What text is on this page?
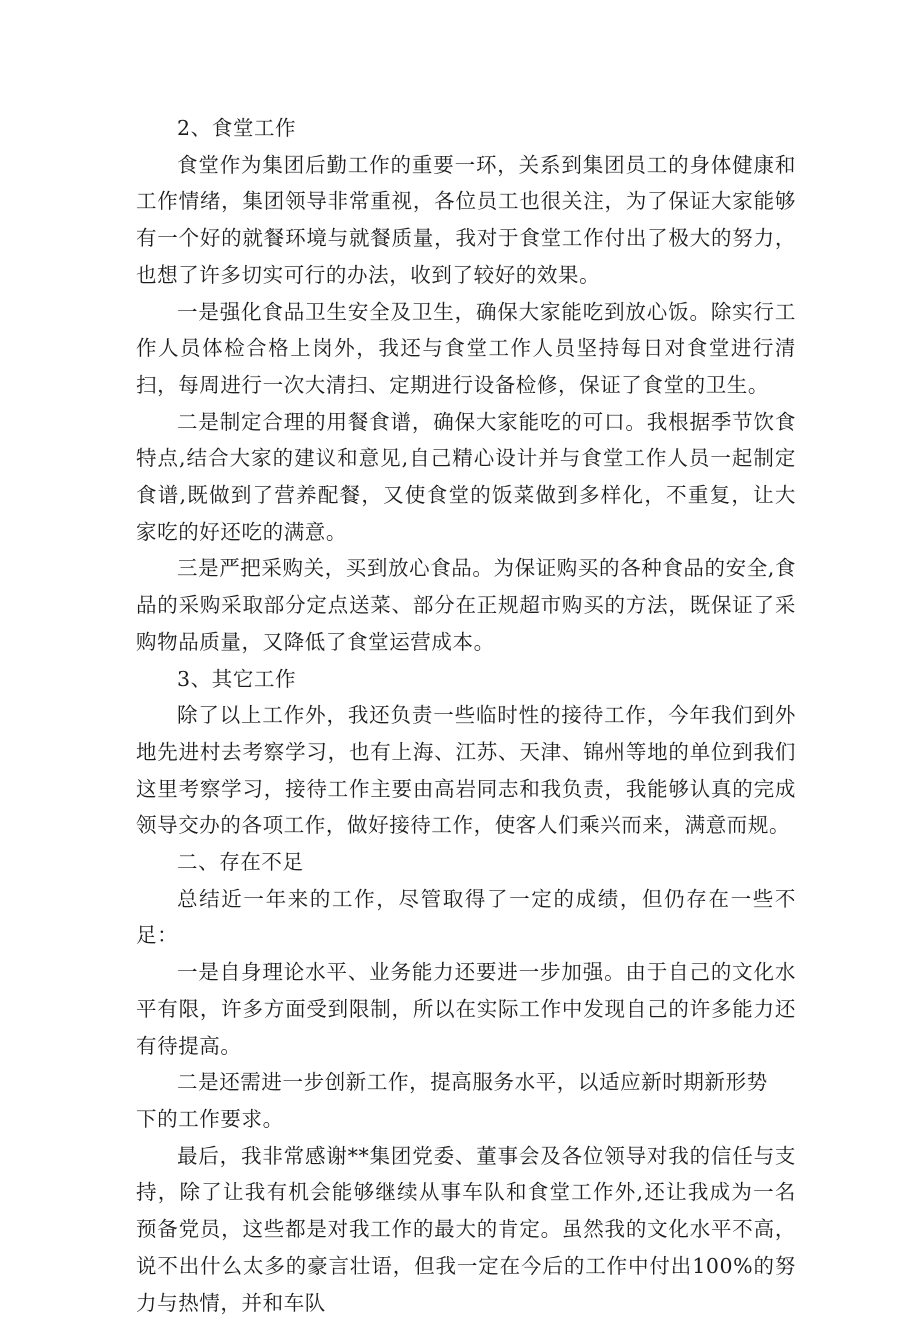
2、食堂工作

食堂作为集团后勤工作的重要一环，关系到集团员工的身体健康和工作情绪，集团领导非常重视，各位员工也很关注，为了保证大家能够有一个好的就餐环境与就餐质量，我对于食堂工作付出了极大的努力，也想了许多切实可行的办法，收到了较好的效果。

一是强化食品卫生安全及卫生，确保大家能吃到放心饭。除实行工作人员体检合格上岗外，我还与食堂工作人员坚持每日对食堂进行清扫，每周进行一次大清扫、定期进行设备检修，保证了食堂的卫生。

二是制定合理的用餐食谱，确保大家能吃的可口。我根据季节饮食特点,结合大家的建议和意见,自己精心设计并与食堂工作人员一起制定食谱,既做到了营养配餐，又使食堂的饭菜做到多样化，不重复，让大家吃的好还吃的满意。

三是严把采购关，买到放心食品。为保证购买的各种食品的安全,食品的采购采取部分定点送菜、部分在正规超市购买的方法，既保证了采购物品质量，又降低了食堂运营成本。

3、其它工作

除了以上工作外，我还负责一些临时性的接待工作，今年我们到外地先进村去考察学习，也有上海、江苏、天津、锦州等地的单位到我们这里考察学习，接待工作主要由高岩同志和我负责，我能够认真的完成领导交办的各项工作，做好接待工作，使客人们乘兴而来，满意而规。

二、存在不足

总结近一年来的工作，尽管取得了一定的成绩，但仍存在一些不足：

一是自身理论水平、业务能力还要进一步加强。由于自己的文化水平有限，许多方面受到限制，所以在实际工作中发现自己的许多能力还有待提高。

二是还需进一步创新工作，提高服务水平，以适应新时期新形势

下的工作要求。

最后，我非常感谢**集团党委、董事会及各位领导对我的信任与支持，除了让我有机会能够继续从事车队和食堂工作外,还让我成为一名预备党员，这些都是对我工作的最大的肯定。虽然我的文化水平不高，说不出什么太多的豪言壮语，但我一定在今后的工作中付出100%的努力与热情，并和车队
